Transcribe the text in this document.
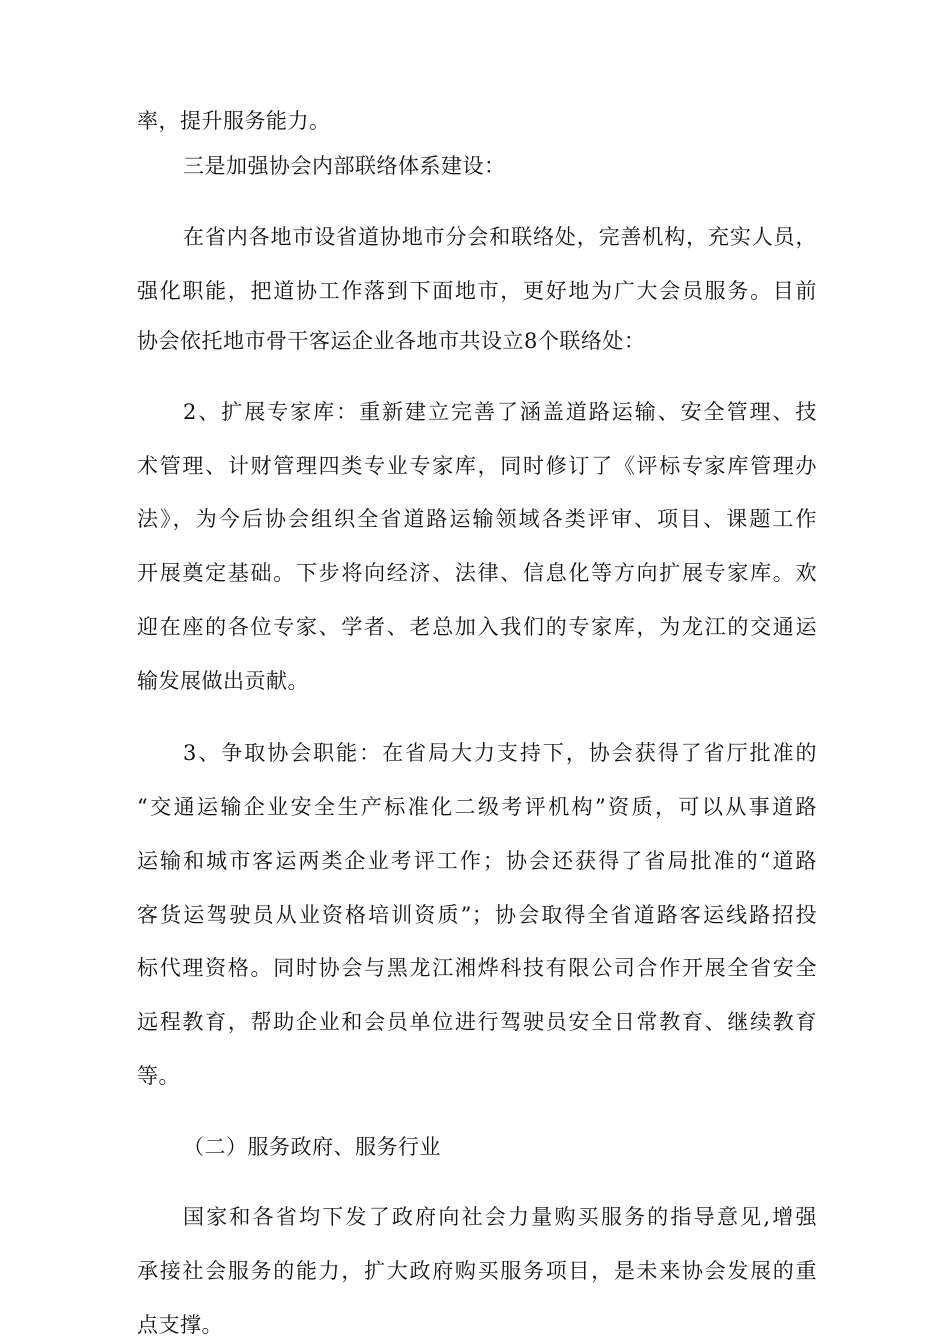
率，提升服务能力。
三是加强协会内部联络体系建设：
在省内各地市设省道协地市分会和联络处，完善机构，充实人员，
强化职能，把道协工作落到下面地市，更好地为广大会员服务。目前
协会依托地市骨干客运企业各地市共设立8个联络处：
2、扩展专家库：重新建立完善了涵盖道路运输、安全管理、技
术管理、计财管理四类专业专家库，同时修订了《评标专家库管理办
法》，为今后协会组织全省道路运输领域各类评审、项目、课题工作
开展奠定基础。下步将向经济、法律、信息化等方向扩展专家库。欢
迎在座的各位专家、学者、老总加入我们的专家库，为龙江的交通运
输发展做出贡献。
3、争取协会职能：在省局大力支持下，协会获得了省厅批准的
“交通运输企业安全生产标准化二级考评机构”资质，可以从事道路
运输和城市客运两类企业考评工作；协会还获得了省局批准的“道路
客货运驾驶员从业资格培训资质”；协会取得全省道路客运线路招投
标代理资格。同时协会与黑龙江湘烨科技有限公司合作开展全省安全
远程教育，帮助企业和会员单位进行驾驶员安全日常教育、继续教育
等。
（二）服务政府、服务行业
国家和各省均下发了政府向社会力量购买服务的指导意见,增强
承接社会服务的能力，扩大政府购买服务项目，是未来协会发展的重
点支撑。
